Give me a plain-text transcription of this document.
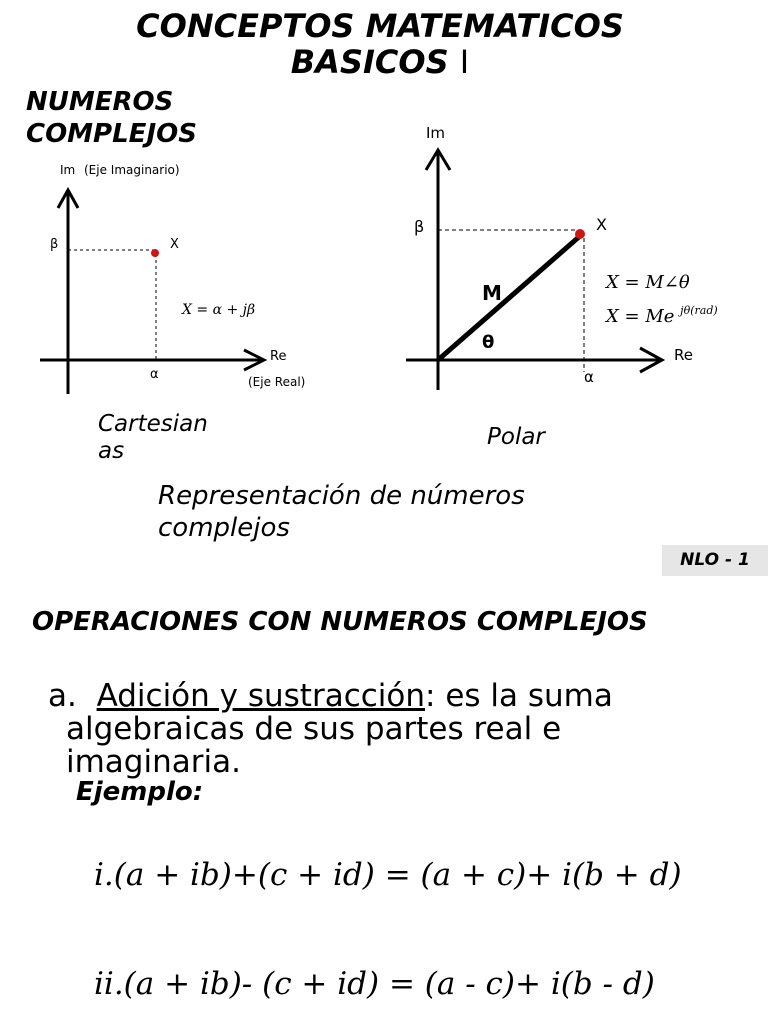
CONCEPTOS MATEMATICOS
BASICOS I
NUMEROS
COMPLEJOS
Im (Eje Imaginario)
β	X
X = α + jβ
Re
α	(Eje Real)
Im
β	X
M
θ
X = M∠θ
X = Me $^{j\theta(rad)}$
Re
α
Cartesian
as
Polar
Representación de números
complejos
NLO - 1
OPERACIONES CON NUMEROS COMPLEJOS
a. Adición y sustracción: es la suma
algebraicas de sus partes real e
imaginaria.
Ejemplo:
i.(a + ib)+(c + id) = (a + c)+ i(b + d)
ii.(a + ib)- (c + id) = (a - c)+ i(b - d)
